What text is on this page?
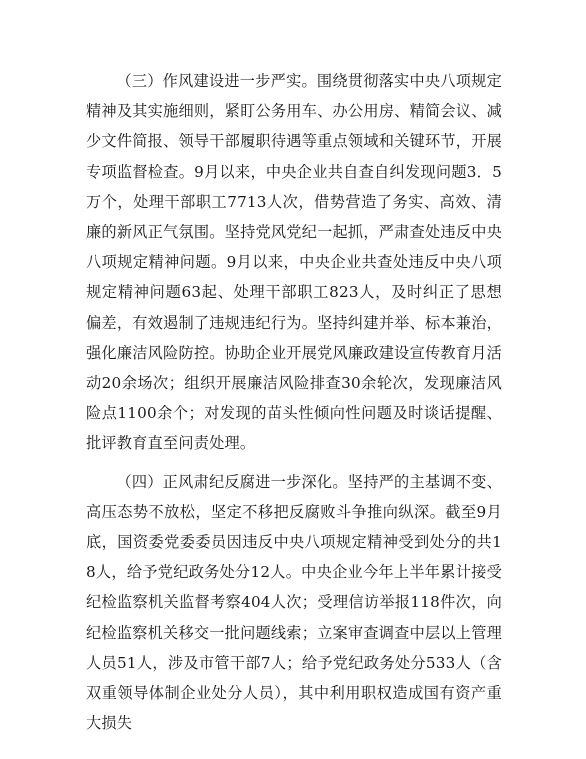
（三）作风建设进一步严实。围绕贯彻落实中央八项规定精神及其实施细则，紧盯公务用车、办公用房、精简会议、减少文件简报、领导干部履职待遇等重点领域和关键环节，开展专项监督检查。9月以来，中央企业共自查自纠发现问题3．5万个，处理干部职工7713人次，借势营造了务实、高效、清廉的新风正气氛围。坚持党风党纪一起抓，严肃查处违反中央八项规定精神问题。9月以来，中央企业共查处违反中央八项规定精神问题63起、处理干部职工823人，及时纠正了思想偏差，有效遏制了违规违纪行为。坚持纠建并举、标本兼治，强化廉洁风险防控。协助企业开展党风廉政建设宣传教育月活动20余场次；组织开展廉洁风险排查30余轮次，发现廉洁风险点1100余个；对发现的苗头性倾向性问题及时谈话提醒、批评教育直至问责处理。

（四）正风肃纪反腐进一步深化。坚持严的主基调不变、高压态势不放松，坚定不移把反腐败斗争推向纵深。截至9月底，国资委党委委员因违反中央八项规定精神受到处分的共18人，给予党纪政务处分12人。中央企业今年上半年累计接受纪检监察机关监督考察404人次；受理信访举报118件次，向纪检监察机关移交一批问题线索；立案审查调查中层以上管理人员51人，涉及市管干部7人；给予党纪政务处分533人（含双重领导体制企业处分人员），其中利用职权造成国有资产重大损失
